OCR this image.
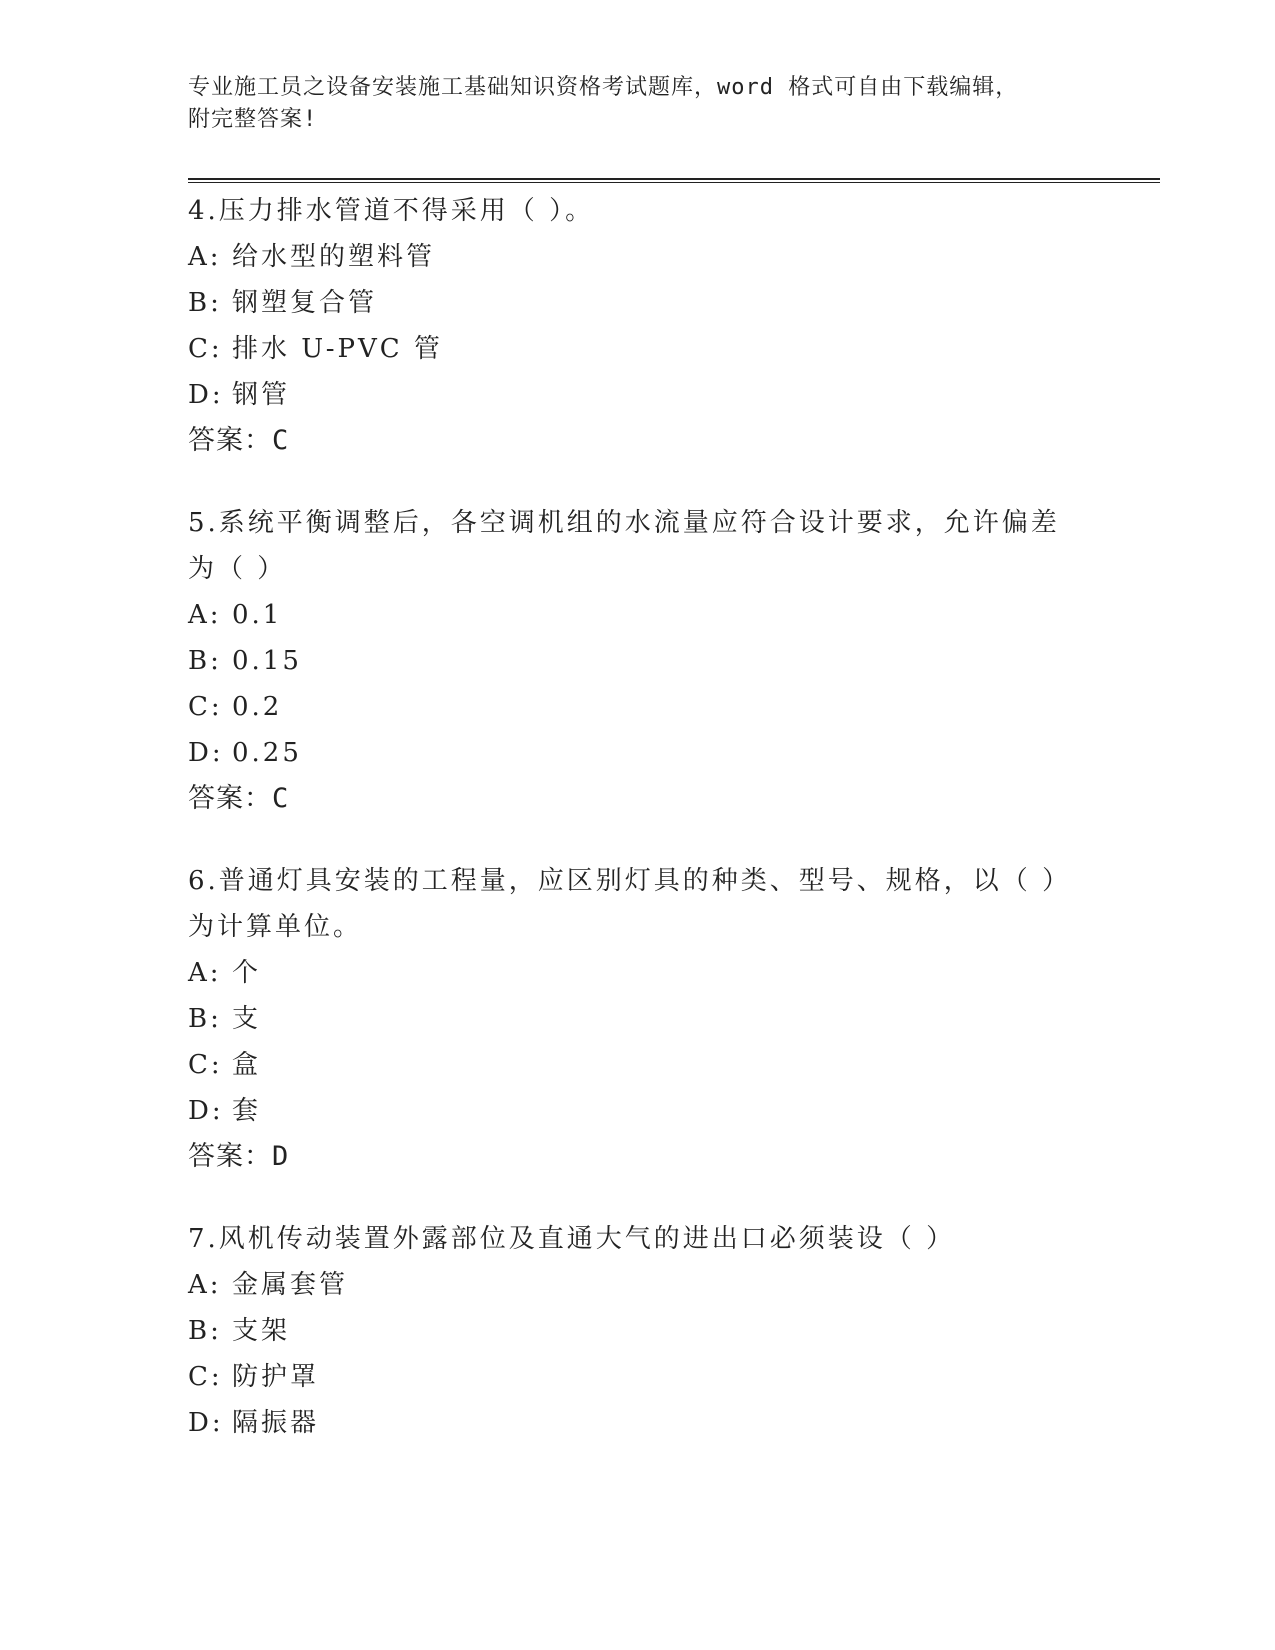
专业施工员之设备安装施工基础知识资格考试题库，word 格式可自由下载编辑，
附完整答案!
4.压力排水管道不得采用（ ）。
A: 给水型的塑料管
B: 钢塑复合管
C: 排水 U-PVC 管
D: 钢管
答案：C
5.系统平衡调整后，各空调机组的水流量应符合设计要求，允许偏差为（ ）
A: 0.1
B: 0.15
C: 0.2
D: 0.25
答案：C
6.普通灯具安装的工程量，应区别灯具的种类、型号、规格，以（ ）为计算单位。
A: 个
B: 支
C: 盒
D: 套
答案：D
7.风机传动装置外露部位及直通大气的进出口必须装设（ ）
A: 金属套管
B: 支架
C: 防护罩
D: 隔振器
